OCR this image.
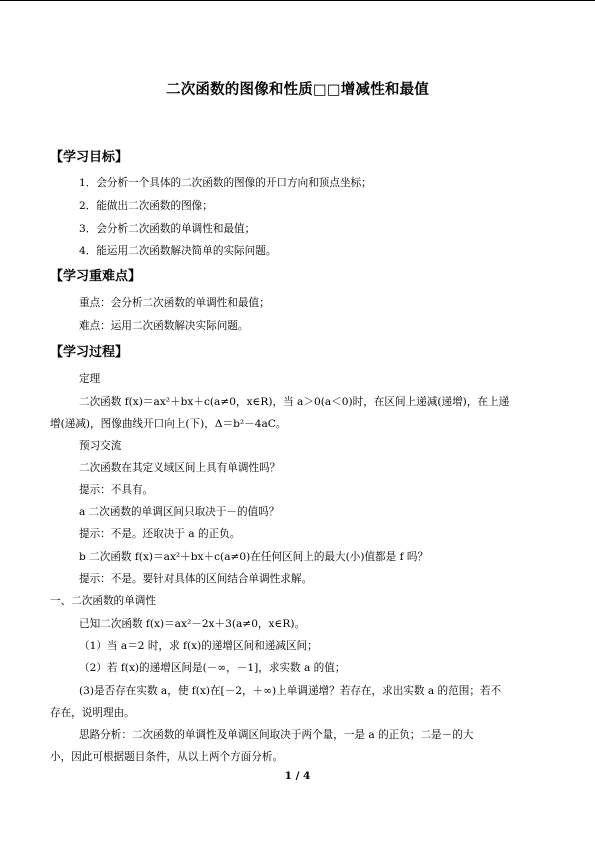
二次函数的图像和性质□□增减性和最值
【学习目标】
1．会分析一个具体的二次函数的图像的开口方向和顶点坐标；
2．能做出二次函数的图像；
3．会分析二次函数的单调性和最值；
4．能运用二次函数解决简单的实际问题。
【学习重难点】
重点：会分析二次函数的单调性和最值；
难点：运用二次函数解决实际问题。
【学习过程】
定理
二次函数 f(x)＝ax²＋bx＋c(a≠0，x∈R)，当 a＞0(a＜0)时，在区间上递减(递增)，在上递
增(递减)，图像曲线开口向上(下)，Δ＝b²－4aC。
预习交流
二次函数在其定义域区间上具有单调性吗？
提示：不具有。
a 二次函数的单调区间只取决于－的值吗？
提示：不是。还取决于 a 的正负。
b 二次函数 f(x)＝ax²＋bx＋c(a≠0)在任何区间上的最大(小)值都是 f 吗？
提示：不是。要针对具体的区间结合单调性求解。
一、二次函数的单调性
已知二次函数 f(x)＝ax²－2x＋3(a≠0，x∈R)。
（1）当 a＝2 时，求 f(x)的递增区间和递减区间；
（2）若 f(x)的递增区间是(－∞，－1]，求实数 a 的值；
(3)是否存在实数 a，使 f(x)在[－2，＋∞)上单调递增？若存在，求出实数 a 的范围；若不
存在，说明理由。
思路分析：二次函数的单调性及单调区间取决于两个量，一是 a 的正负；二是－的大
小，因此可根据题目条件，从以上两个方面分析。
1 / 4
